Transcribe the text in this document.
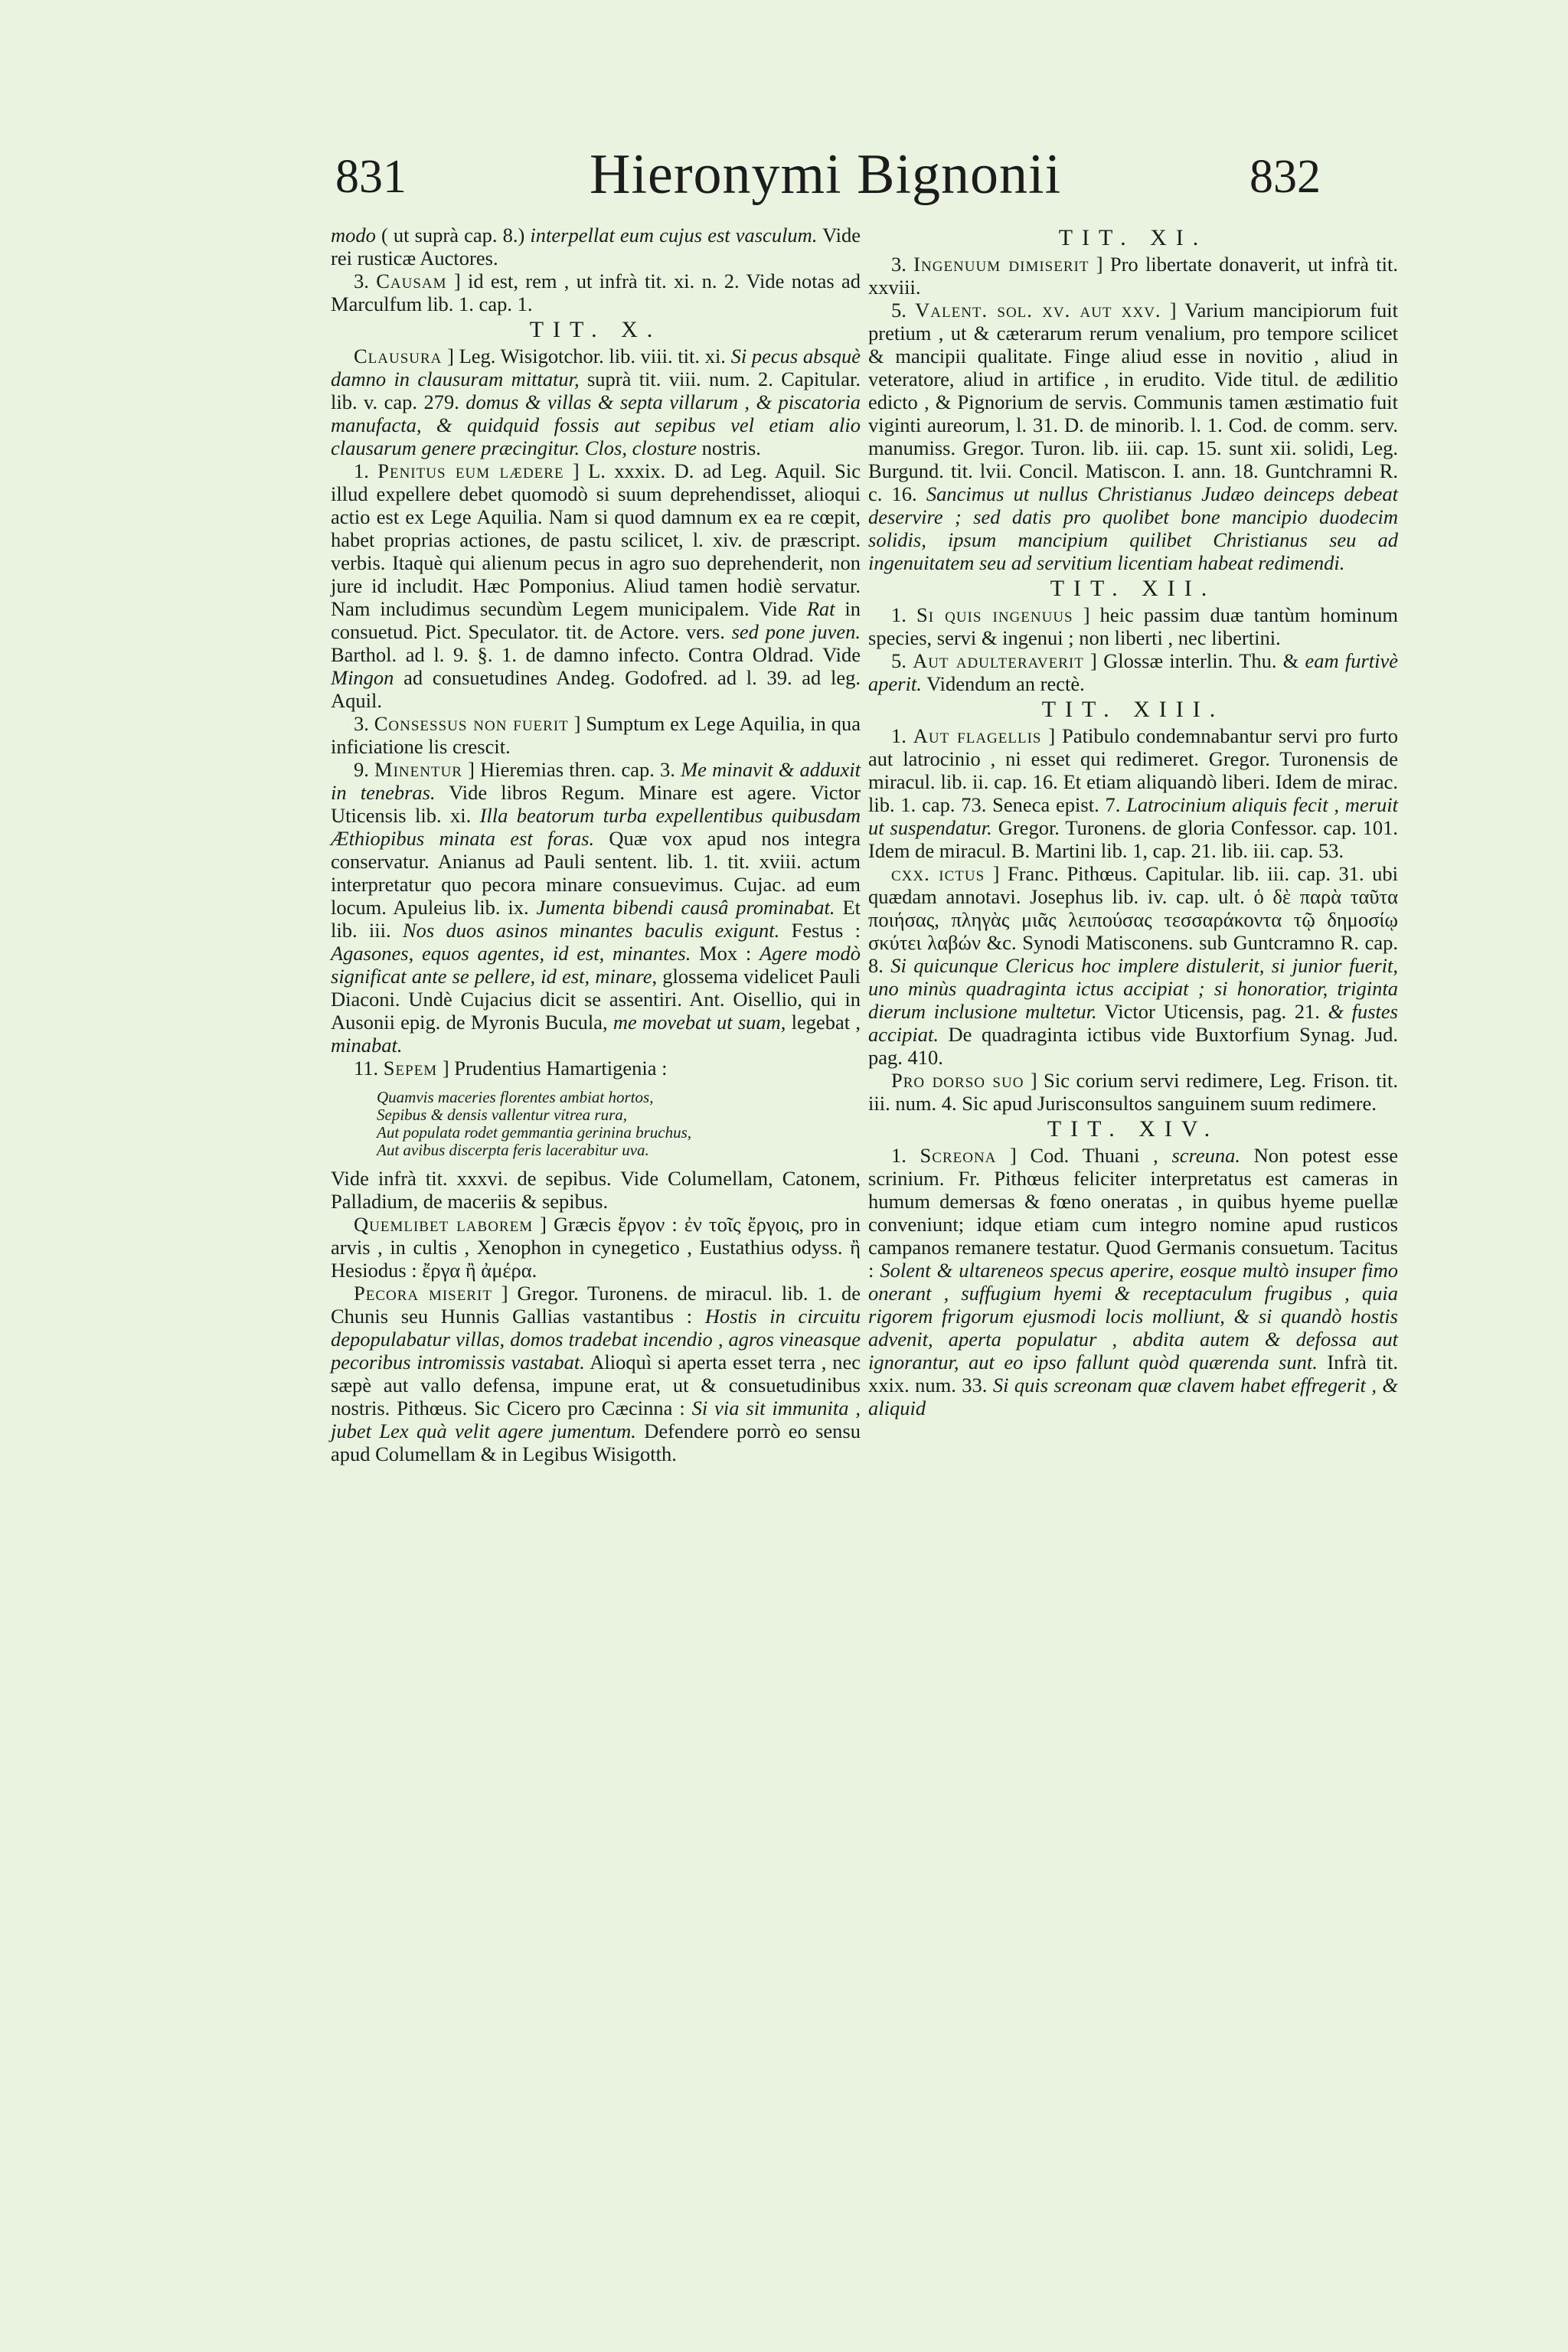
831	Hieronymi Bignonii	832

modo ( ut suprà cap. 8.) interpellat eum cujus est vasculum. Vide rei rusticæ Auctores.

3. Causam ] id est, rem , ut infrà tit. xi. n. 2. Vide notas ad Marculfum lib. 1. cap. 1.

TIT. X.

Clausura ] Leg. Wisigotchor. lib. viii. tit. xi. Si pecus absquè damno in clausuram mittatur, suprà tit. viii. num. 2. Capitular. lib. v. cap. 279. domus & villas & septa villarum , & piscatoria manufacta, & quidquid fossis aut sepibus vel etiam alio clausarum genere præcingitur. Clos, closture nostris.

1. Penitus eum lædere ] L. xxxix. D. ad Leg. Aquil. Sic illud expellere debet quomodò si suum deprehendisset, alioqui actio est ex Lege Aquilia. Nam si quod damnum ex ea re cœpit, habet proprias actiones, de pastu scilicet, l. xiv. de præscript. verbis. Itaquè qui alienum pecus in agro suo deprehenderit, non jure id includit. Hæc Pomponius. Aliud tamen hodiè servatur. Nam includimus secundùm Legem municipalem. Vide Rat in consuetud. Pict. Speculator. tit. de Actore. vers. sed pone juven. Barthol. ad l. 9. §. 1. de damno infecto. Contra Oldrad. Vide Mingon ad consuetudines Andeg. Godofred. ad l. 39. ad leg. Aquil.

3. Consessus non fuerit ] Sumptum ex Lege Aquilia, in qua inficiatione lis crescit.

9. Minentur ] Hieremias thren. cap. 3. Me minavit & adduxit in tenebras. Vide libros Regum. Minare est agere. Victor Uticensis lib. xi. Illa beatorum turba expellentibus quibusdam Æthiopibus minata est foras. Quæ vox apud nos integra conservatur. Anianus ad Pauli sentent. lib. 1. tit. xviii. actum interpretatur quo pecora minare consuevimus. Cujac. ad eum locum. Apuleius lib. ix. Jumenta bibendi causâ prominabat. Et lib. iii. Nos duos asinos minantes baculis exigunt. Festus : Agasones, equos agentes, id est, minantes. Mox : Agere modò significat ante se pellere, id est, minare, glossema videlicet Pauli Diaconi. Undè Cujacius dicit se assentiri. Ant. Oisellio, qui in Ausonii epig. de Myronis Bucula, me movebat ut suam, legebat , minabat.

11. Sepem ] Prudentius Hamartigenia :

Quamvis maceries florentes ambiat hortos,
Sepibus & densis vallentur vitrea rura,
Aut populata rodet gemmantia gerinina bruchus,
Aut avibus discerpta feris lacerabitur uva.

Vide infrà tit. xxxvi. de sepibus. Vide Columellam, Catonem, Palladium, de maceriis & sepibus.

Quemlibet laborem ] Græcis ἔργον : ἐν τοῖς ἔργοις, pro in arvis , in cultis , Xenophon in cynegetico , Eustathius odyss. ἢ Hesiodus : ἔργα ἢ ἀμέρα.

Pecora miserit ] Gregor. Turonens. de miracul. lib. 1. de Chunis seu Hunnis Gallias vastantibus : Hostis in circuitu depopulabatur villas, domos tradebat incendio , agros vineasque pecoribus intromissis vastabat. Alioquì si aperta esset terra , nec sæpè aut vallo defensa, impune erat, ut & consuetudinibus nostris. Pithœus. Sic Cicero pro Cæcinna : Si via sit immunita , jubet Lex quà velit agere jumentum. Defendere porrò eo sensu apud Columellam & in Legibus Wisigotth.

TIT. XI.

3. Ingenuum dimiserit ] Pro libertate donaverit, ut infrà tit. xxviii.

5. Valent. sol. xv. aut xxv. ] Varium mancipiorum fuit pretium , ut & cæterarum rerum venalium, pro tempore scilicet & mancipii qualitate. Finge aliud esse in novitio , aliud in veteratore, aliud in artifice , in erudito. Vide titul. de ædilitio edicto , & Pignorium de servis. Communis tamen æstimatio fuit viginti aureorum, l. 31. D. de minorib. l. 1. Cod. de comm. serv. manumiss. Gregor. Turon. lib. iii. cap. 15. sunt xii. solidi, Leg. Burgund. tit. lvii. Concil. Matiscon. I. ann. 18. Guntchramni R. c. 16. Sancimus ut nullus Christianus Judæo deinceps debeat deservire ; sed datis pro quolibet bone mancipio duodecim solidis, ipsum mancipium quilibet Christianus seu ad ingenuitatem seu ad servitium licentiam habeat redimendi.

TIT. XII.

1. Si quis ingenuus ] heic passim duæ tantùm hominum species, servi & ingenui ; non liberti , nec libertini.

5. Aut adulteraverit ] Glossæ interlin. Thu. & eam furtivè aperit. Videndum an rectè.

TIT. XIII.

1. Aut flagellis ] Patibulo condemnabantur servi pro furto aut latrocinio , ni esset qui redimeret. Gregor. Turonensis de miracul. lib. ii. cap. 16. Et etiam aliquandò liberi. Idem de mirac. lib. 1. cap. 73. Seneca epist. 7. Latrocinium aliquis fecit , meruit ut suspendatur. Gregor. Turonens. de gloria Confessor. cap. 101. Idem de miracul. B. Martini lib. 1, cap. 21. lib. iii. cap. 53.

cxx. ictus ] Franc. Pithœus. Capitular. lib. iii. cap. 31. ubi quædam annotavi. Josephus lib. iv. cap. ult. ὁ δὲ παρὰ ταῦτα ποιήσας, πληγὰς μιᾶς λειπούσας τεσσαράκοντα τῷ δημοσίῳ σκύτει λαβών &c. Synodi Matisconens. sub Guntcramno R. cap. 8. Si quicunque Clericus hoc implere distulerit, si junior fuerit, uno minùs quadraginta ictus accipiat ; si honoratior, triginta dierum inclusione multetur. Victor Uticensis, pag. 21. & fustes accipiat. De quadraginta ictibus vide Buxtorfium Synag. Jud. pag. 410.

Pro dorso suo ] Sic corium servi redimere, Leg. Frison. tit. iii. num. 4. Sic apud Jurisconsultos sanguinem suum redimere.

TIT. XIV.

1. Screona ] Cod. Thuani , screuna. Non potest esse scrinium. Fr. Pithœus feliciter interpretatus est cameras in humum demersas & fœno oneratas , in quibus hyeme puellæ conveniunt; idque etiam cum integro nomine apud rusticos campanos remanere testatur. Quod Germanis consuetum. Tacitus : Solent & ultareneos specus aperire, eosque multò insuper fimo onerant , suffugium hyemi & receptaculum frugibus , quia rigorem frigorum ejusmodi locis molliunt, & si quandò hostis advenit, aperta populatur , abdita autem & defossa aut ignorantur, aut eo ipso fallunt quòd quærenda sunt. Infrà tit. xxix. num. 33. Si quis screonam quæ clavem habet effregerit , & aliquid
